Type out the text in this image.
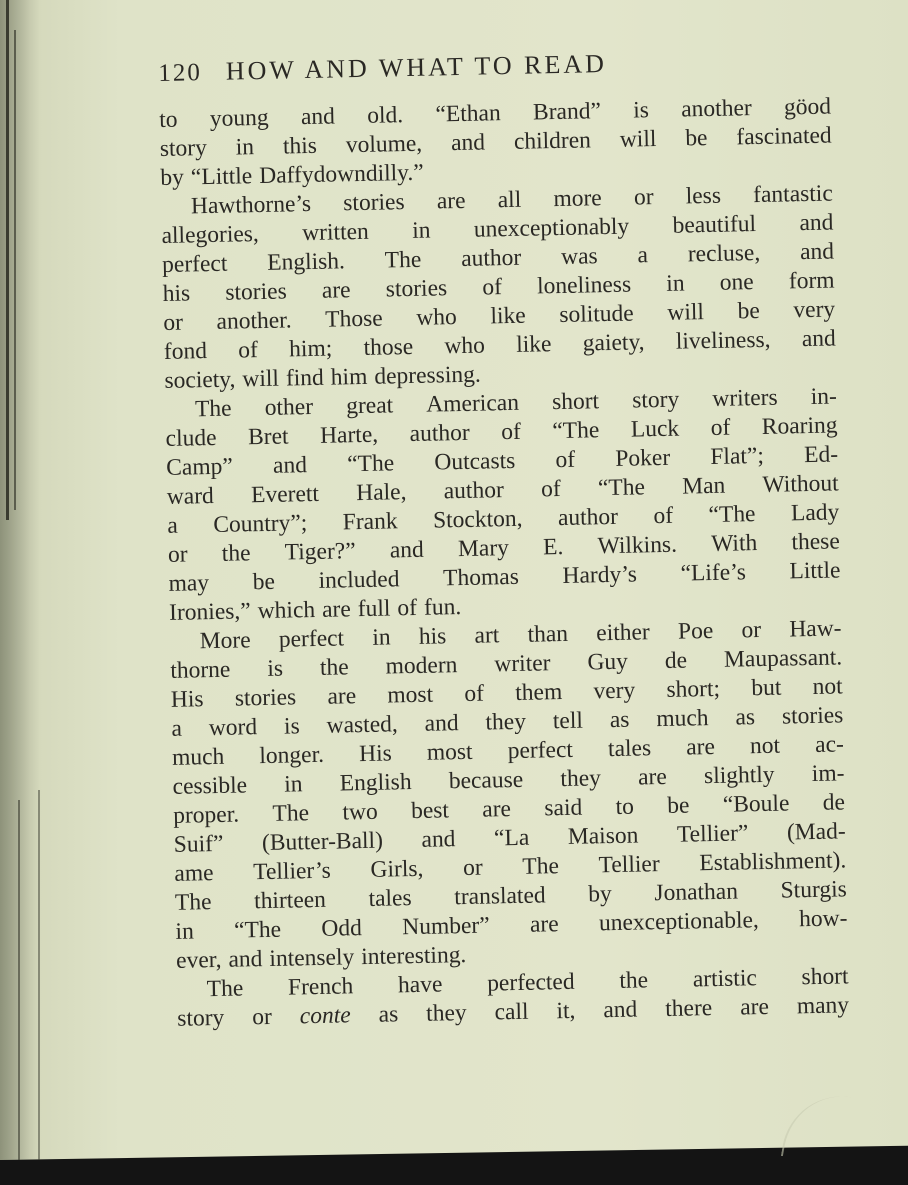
120 HOW AND WHAT TO READ
to young and old. “Ethan Brand” is another göod
story in this volume, and children will be fascinated
by “Little Daffydowndilly.”
Hawthorne’s stories are all more or less fantastic
allegories, written in unexceptionably beautiful and
perfect English. The author was a recluse, and
his stories are stories of loneliness in one form
or another. Those who like solitude will be very
fond of him; those who like gaiety, liveliness, and
society, will find him depressing.
The other great American short story writers in-
clude Bret Harte, author of “The Luck of Roaring
Camp” and “The Outcasts of Poker Flat”; Ed-
ward Everett Hale, author of “The Man Without
a Country”; Frank Stockton, author of “The Lady
or the Tiger?” and Mary E. Wilkins. With these
may be included Thomas Hardy’s “Life’s Little
Ironies,” which are full of fun.
More perfect in his art than either Poe or Haw-
thorne is the modern writer Guy de Maupassant.
His stories are most of them very short; but not
a word is wasted, and they tell as much as stories
much longer. His most perfect tales are not ac-
cessible in English because they are slightly im-
proper. The two best are said to be “Boule de
Suif” (Butter-Ball) and “La Maison Tellier” (Mad-
ame Tellier’s Girls, or The Tellier Establishment).
The thirteen tales translated by Jonathan Sturgis
in “The Odd Number” are unexceptionable, how-
ever, and intensely interesting.
The French have perfected the artistic short
story or conte as they call it, and there are many
